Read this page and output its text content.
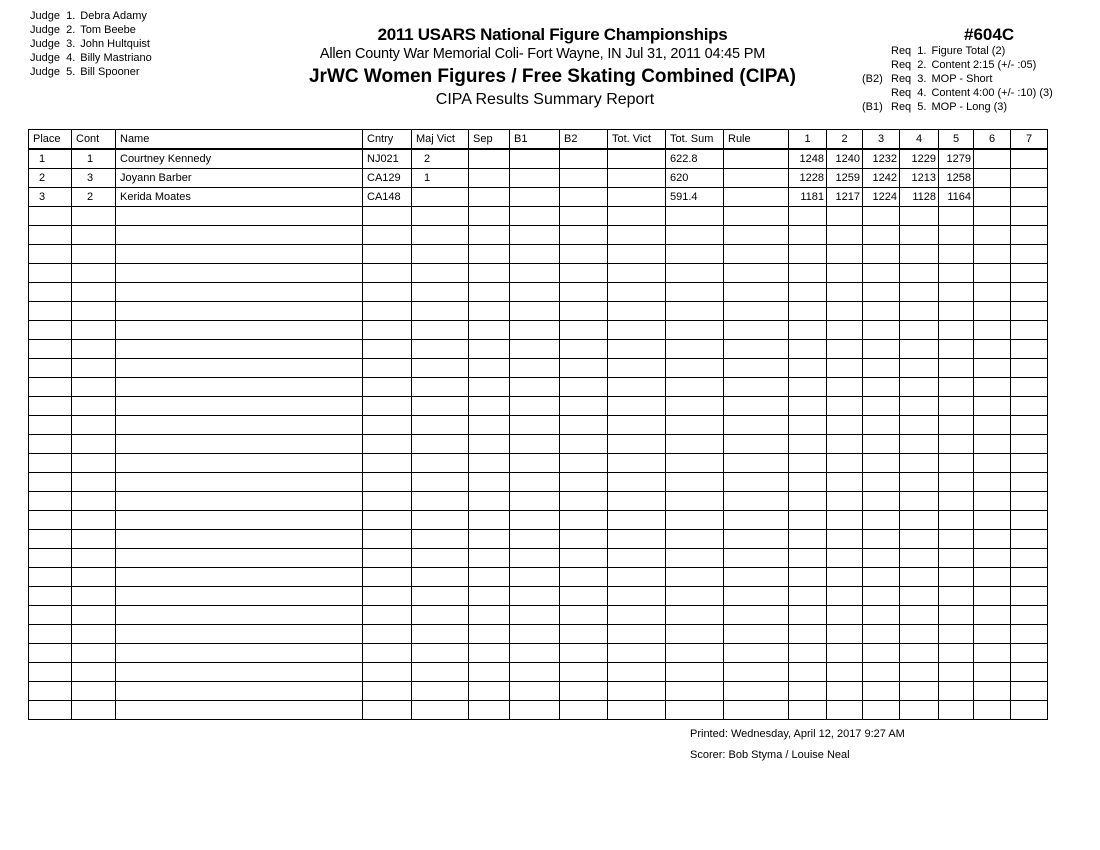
Judge  1. Debra Adamy
Judge  2. Tom Beebe
Judge  3. John Hultquist
Judge  4. Billy Mastriano
Judge  5. Bill Spooner
2011 USARS National Figure Championships
Allen County War Memorial Coli- Fort Wayne, IN Jul 31, 2011 04:45 PM
JrWC Women Figures / Free Skating Combined (CIPA)
CIPA Results Summary Report
#604C
Req  1. Figure Total (2)
Req  2. Content 2:15 (+/- :05)
(B2) Req  3. MOP - Short
Req  4. Content 4:00 (+/- :10) (3)
(B1) Req  5. MOP - Long (3)
Place	Cont	Name	Cntry	Maj Vict	Sep	B1	B2	Tot. Vict	Tot. Sum	Rule	1	2	3	4	5	6	7
1	1	Courtney Kennedy	NJ021	2					622.8		1248	1240	1232	1229	1279		
2	3	Joyann Barber	CA129	1					620		1228	1259	1242	1213	1258		
3	2	Kerida Moates	CA148						591.4		1181	1217	1224	1128	1164		

Printed: Wednesday, April 12, 2017 9:27 AM
Scorer: Bob Styma / Louise Neal
